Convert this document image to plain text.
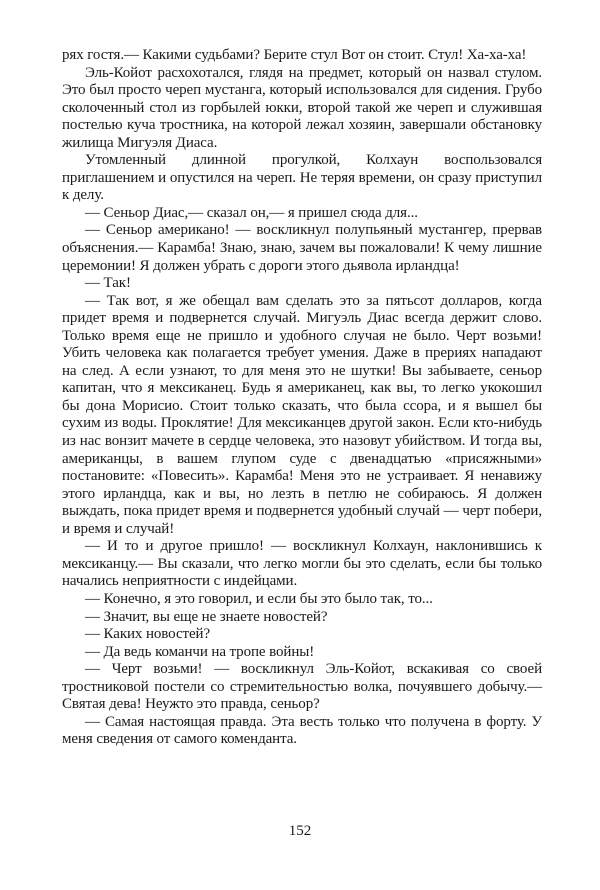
рях гостя.— Какими судьбами? Берите стул Вот он стоит. Стул! Ха-ха-ха!

Эль-Койот расхохотался, глядя на предмет, который он назвал стулом. Это был просто череп мустанга, который использовался для сидения. Грубо сколоченный стол из горбылей юкки, второй такой же череп и служившая постелью куча тростника, на которой лежал хозяин, завершали обстановку жилища Мигуэля Диаса.

Утомленный длинной прогулкой, Колхаун воспользовался приглашением и опустился на череп. Не теряя времени, он сразу приступил к делу.

— Сеньор Диас,— сказал он,— я пришел сюда для...

— Сеньор американо! — воскликнул полупьяный мустангер, прервав объяснения.— Карамба! Знаю, знаю, зачем вы пожаловали! К чему лишние церемонии! Я должен убрать с дороги этого дьявола ирландца!

— Так!

— Так вот, я же обещал вам сделать это за пятьсот долларов, когда придет время и подвернется случай. Мигуэль Диас всегда держит слово. Только время еще не пришло и удобного случая не было. Черт возьми! Убить человека как полагается требует умения. Даже в прериях нападают на след. А если узнают, то для меня это не шутки! Вы забываете, сеньор капитан, что я мексиканец. Будь я американец, как вы, то легко укокошил бы дона Морисио. Стоит только сказать, что была ссора, и я вышел бы сухим из воды. Проклятие! Для мексиканцев другой закон. Если кто-нибудь из нас вонзит мачете в сердце человека, это назовут убийством. И тогда вы, американцы, в вашем глупом суде с двенадцатью «присяжными» постановите: «Повесить». Карамба! Меня это не устраивает. Я ненавижу этого ирландца, как и вы, но лезть в петлю не собираюсь. Я должен выждать, пока придет время и подвернется удобный случай — черт побери, и время и случай!

— И то и другое пришло! — воскликнул Колхаун, наклонившись к мексиканцу.— Вы сказали, что легко могли бы это сделать, если бы только начались неприятности с индейцами.

— Конечно, я это говорил, и если бы это было так, то...

— Значит, вы еще не знаете новостей?

— Каких новостей?

— Да ведь команчи на тропе войны!

— Черт возьми! — воскликнул Эль-Койот, вскакивая со своей тростниковой постели со стремительностью волка, почуявшего добычу.— Святая дева! Неужто это правда, сеньор?

— Самая настоящая правда. Эта весть только что получена в форту. У меня сведения от самого коменданта.

152
